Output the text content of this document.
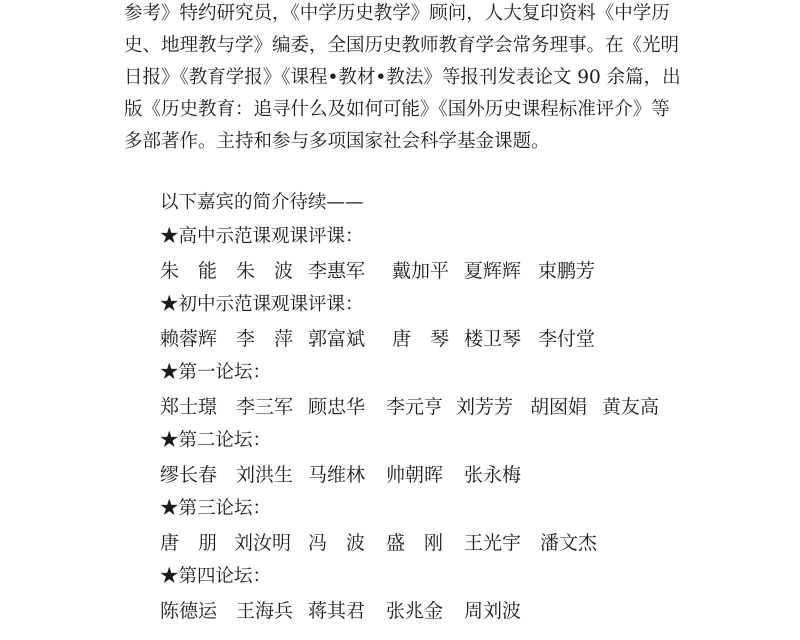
参考》特约研究员，《中学历史教学》顾问，人大复印资料《中学历
史、地理教与学》编委，全国历史教师教育学会常务理事。在《光明
日报》《教育学报》《课程•教材•教法》等报刊发表论文 90 余篇，出
版《历史教育：追寻什么及如何可能》《国外历史课程标准评介》等
多部著作。主持和参与多项国家社会科学基金课题。
以下嘉宾的简介待续——
★高中示范课观课评课：
朱　能 朱　波 李惠军 戴加平 夏辉辉 束鹏芳
★初中示范课观课评课：
赖蓉辉 李　萍 郭富斌 唐　琴 楼卫琴 李付堂
★第一论坛：
郑士璟 李三军 顾忠华 李元亨 刘芳芳 胡囡娟 黄友高
★第二论坛：
缪长春 刘洪生 马维林 帅朝晖 张永梅
★第三论坛：
唐　朋 刘汝明 冯　波 盛　刚 王光宇 潘文杰
★第四论坛：
陈德运 王海兵 蒋其君 张兆金 周刘波
